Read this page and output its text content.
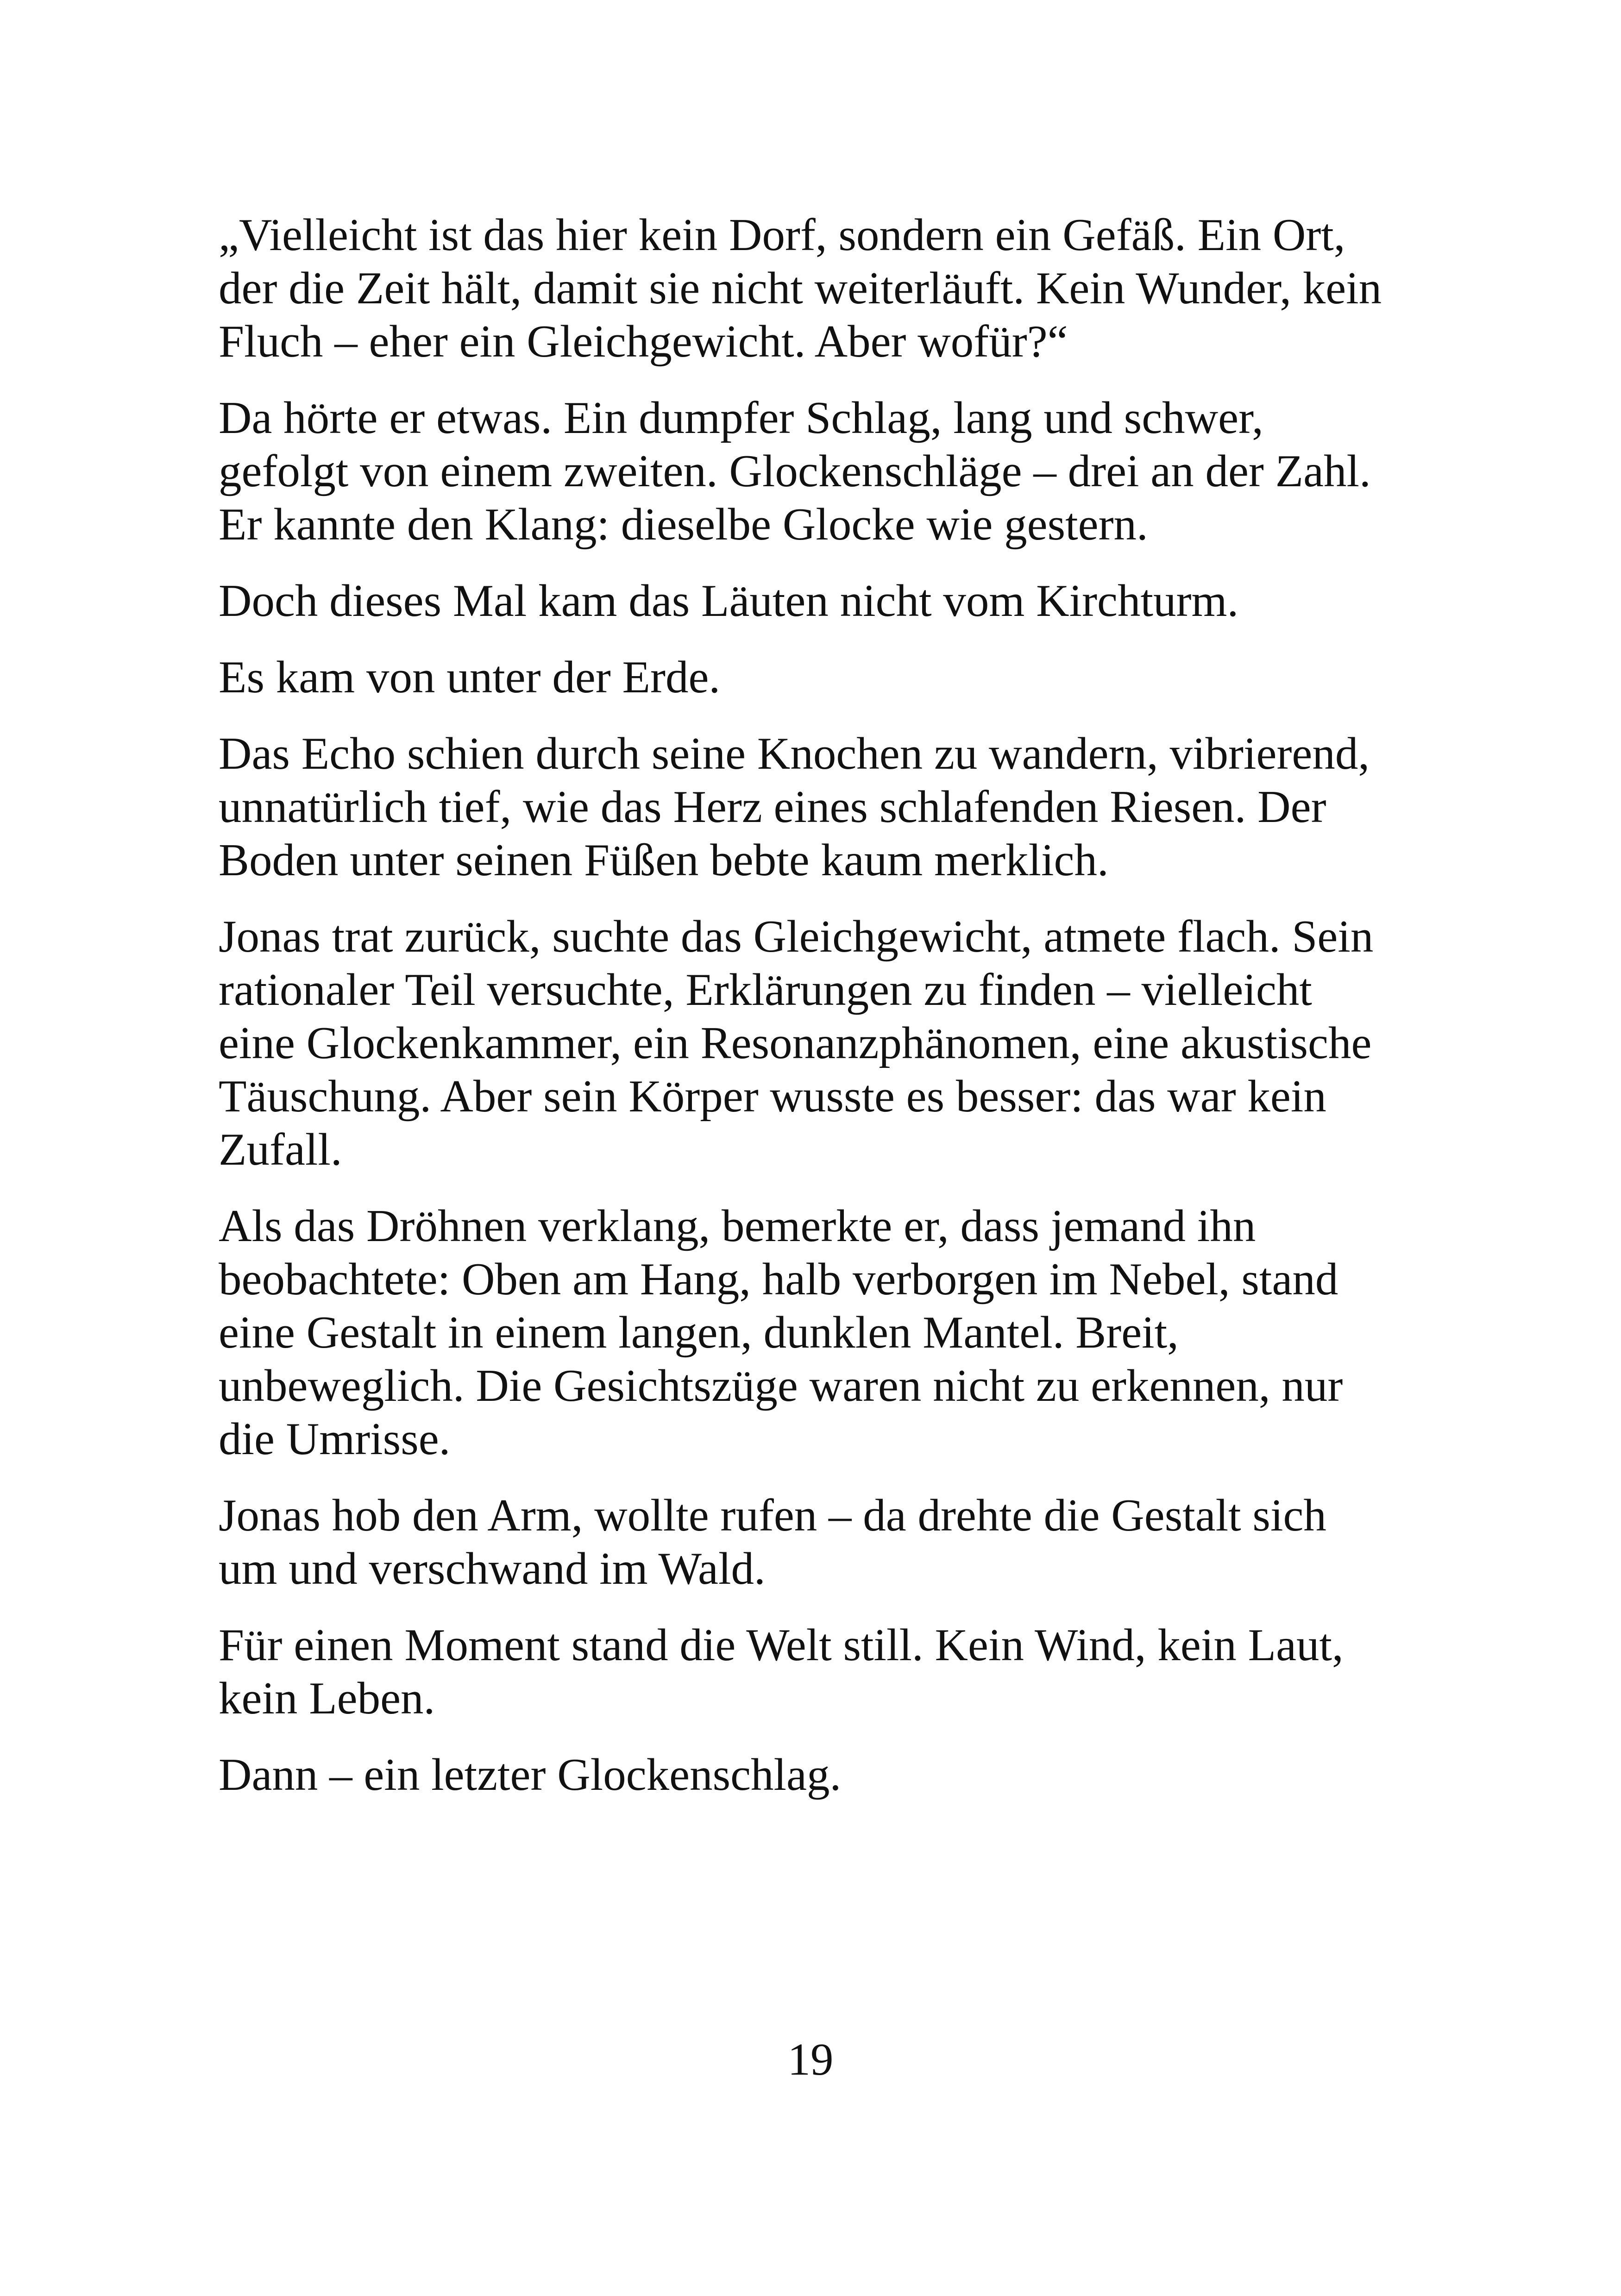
„Vielleicht ist das hier kein Dorf, sondern ein Gefäß. Ein Ort,
der die Zeit hält, damit sie nicht weiterläuft. Kein Wunder, kein
Fluch – eher ein Gleichgewicht. Aber wofür?“

Da hörte er etwas. Ein dumpfer Schlag, lang und schwer,
gefolgt von einem zweiten. Glockenschläge – drei an der Zahl.
Er kannte den Klang: dieselbe Glocke wie gestern.

Doch dieses Mal kam das Läuten nicht vom Kirchturm.

Es kam von unter der Erde.

Das Echo schien durch seine Knochen zu wandern, vibrierend,
unnatürlich tief, wie das Herz eines schlafenden Riesen. Der
Boden unter seinen Füßen bebte kaum merklich.

Jonas trat zurück, suchte das Gleichgewicht, atmete flach. Sein
rationaler Teil versuchte, Erklärungen zu finden – vielleicht
eine Glockenkammer, ein Resonanzphänomen, eine akustische
Täuschung. Aber sein Körper wusste es besser: das war kein
Zufall.

Als das Dröhnen verklang, bemerkte er, dass jemand ihn
beobachtete: Oben am Hang, halb verborgen im Nebel, stand
eine Gestalt in einem langen, dunklen Mantel. Breit,
unbeweglich. Die Gesichtszüge waren nicht zu erkennen, nur
die Umrisse.

Jonas hob den Arm, wollte rufen – da drehte die Gestalt sich
um und verschwand im Wald.

Für einen Moment stand die Welt still. Kein Wind, kein Laut,
kein Leben.

Dann – ein letzter Glockenschlag.

19
